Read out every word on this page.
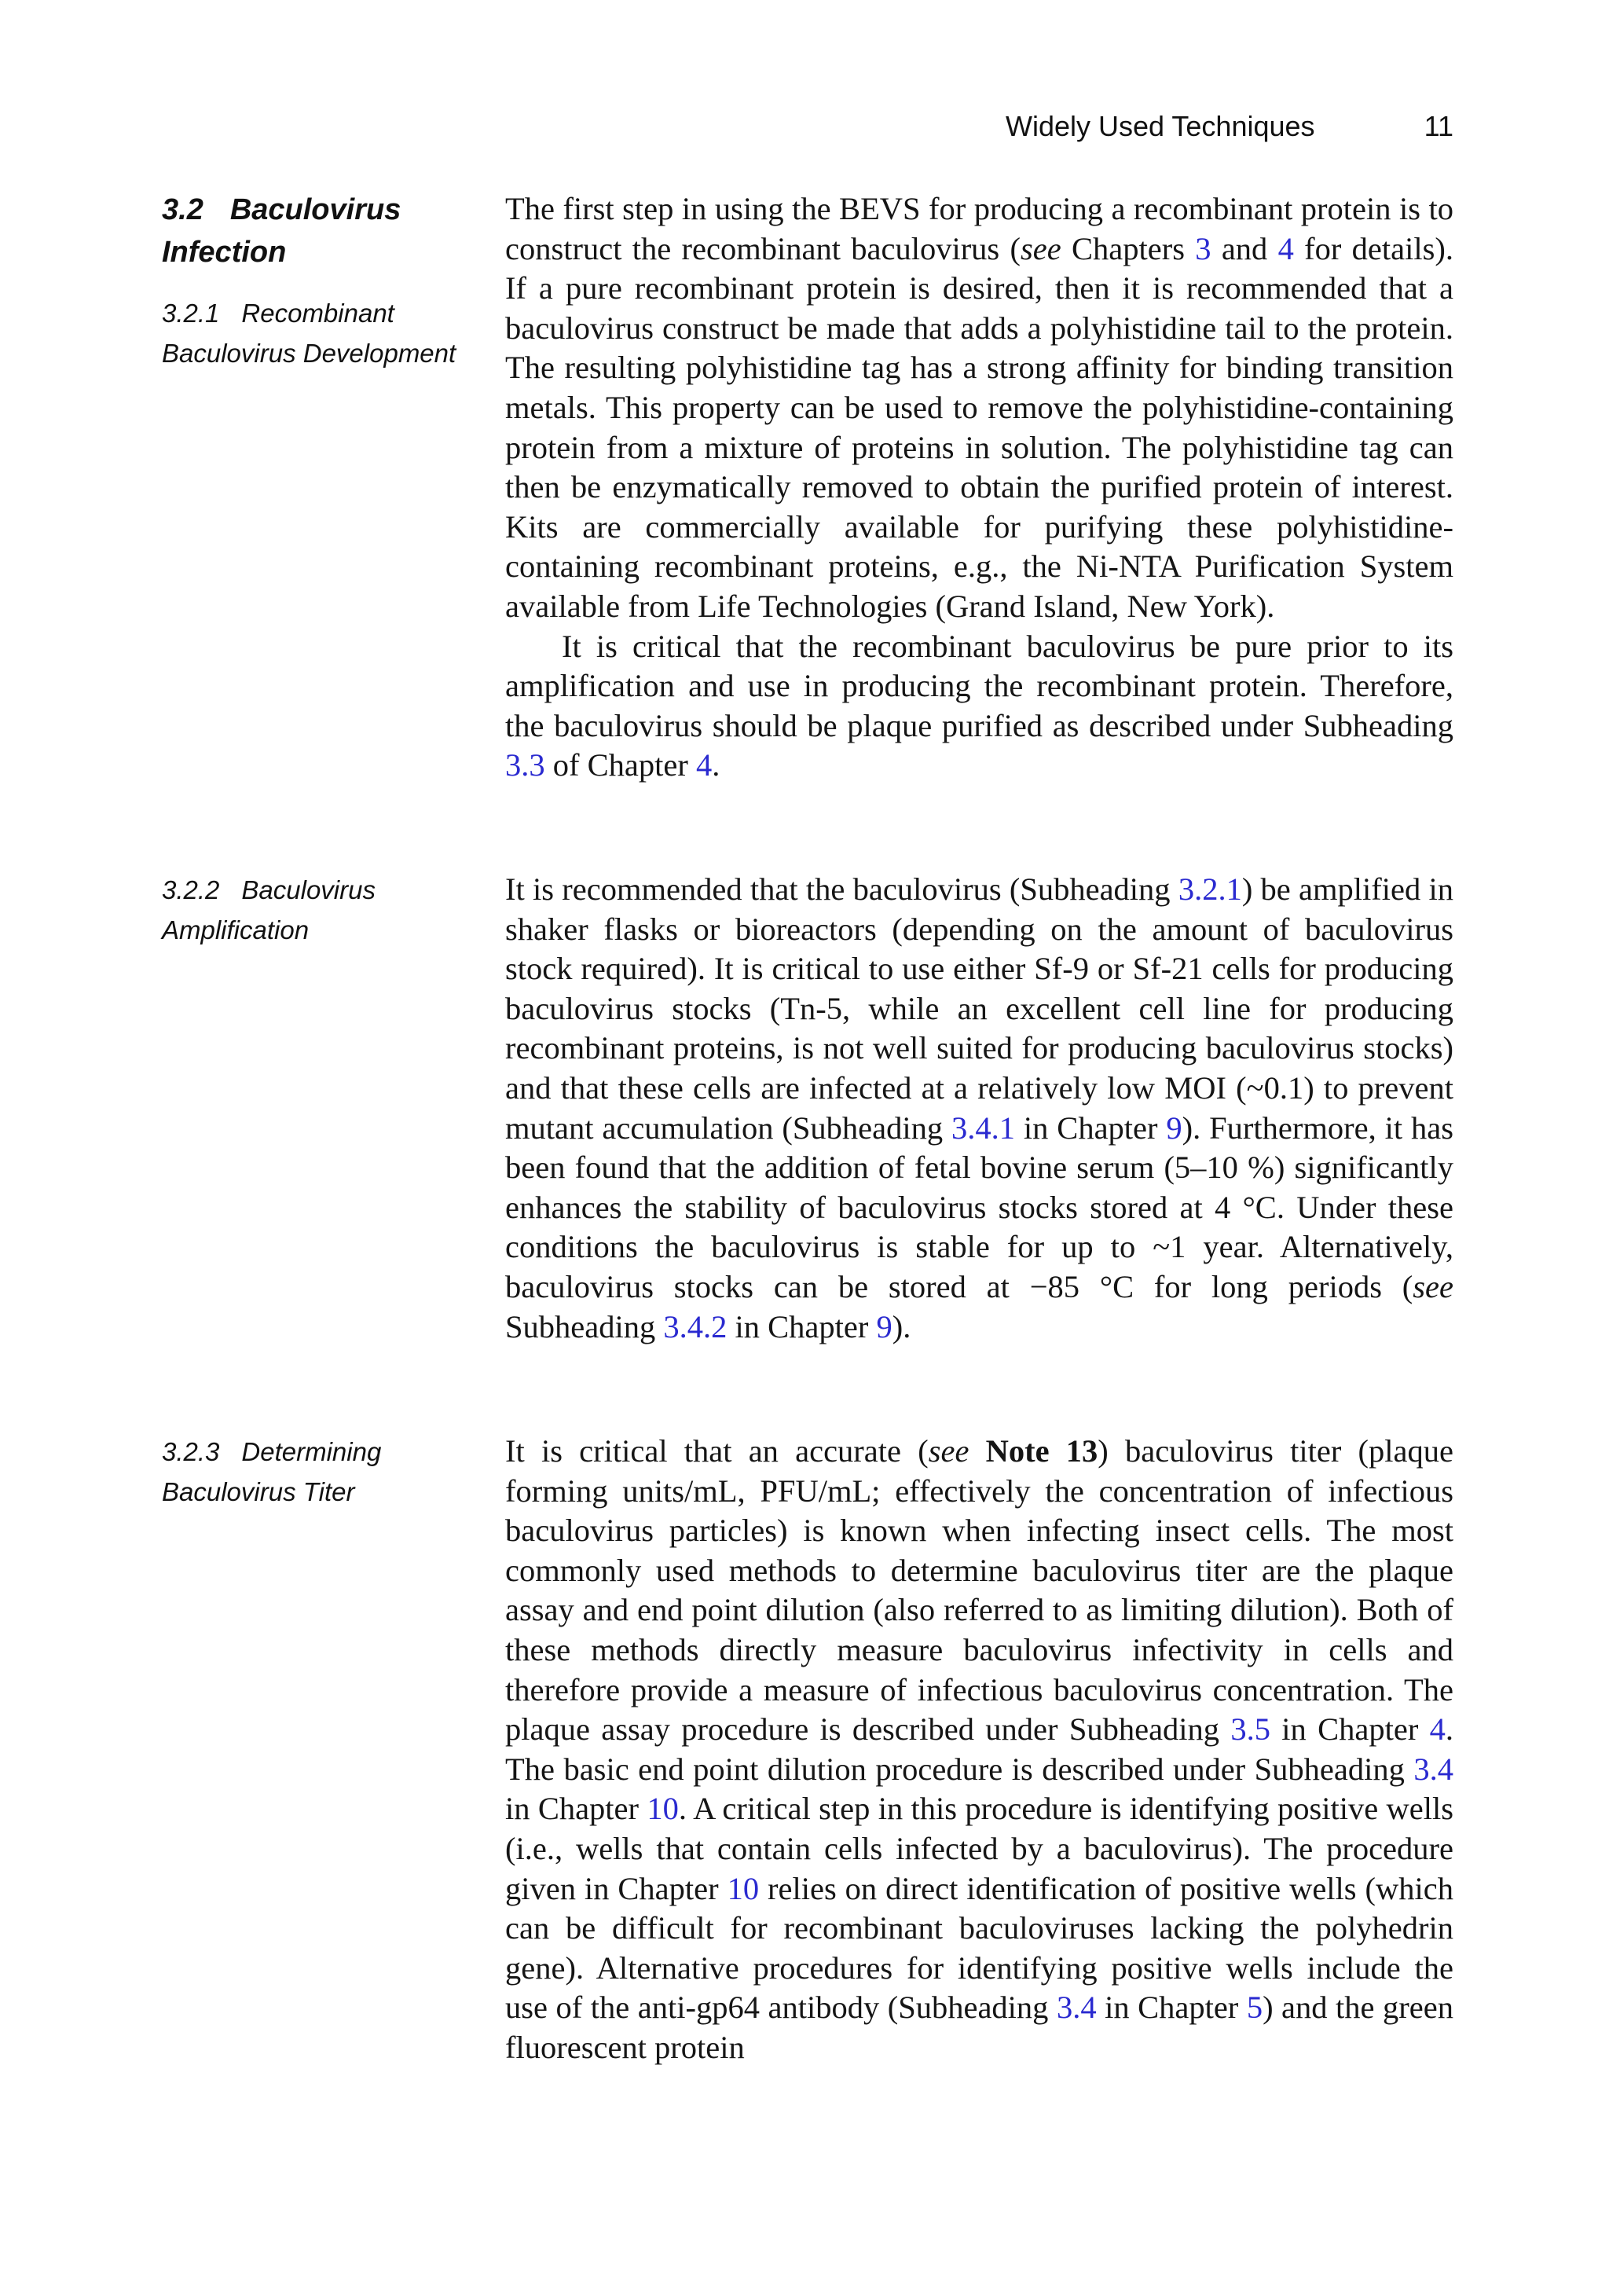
Widely Used Techniques	11
3.2 Baculovirus
Infection
3.2.1 Recombinant
Baculovirus Development
3.2.2 Baculovirus
Amplification
3.2.3 Determining
Baculovirus Titer

The first step in using the BEVS for producing a recombinant protein is to construct the recombinant baculovirus (see Chapters 3 and 4 for details). If a pure recombinant protein is desired, then it is recommended that a baculovirus construct be made that adds a polyhistidine tail to the protein. The resulting polyhistidine tag has a strong affinity for binding transition metals. This property can be used to remove the polyhistidine-containing protein from a mixture of proteins in solution. The polyhistidine tag can then be enzymatically removed to obtain the purified protein of interest. Kits are commercially available for purifying these polyhistidine-containing recombinant proteins, e.g., the Ni-NTA Purification System available from Life Technologies (Grand Island, New York).

It is critical that the recombinant baculovirus be pure prior to its amplification and use in producing the recombinant protein. Therefore, the baculovirus should be plaque purified as described under Subheading 3.3 of Chapter 4.

It is recommended that the baculovirus (Subheading 3.2.1) be amplified in shaker flasks or bioreactors (depending on the amount of baculovirus stock required). It is critical to use either Sf-9 or Sf-21 cells for producing baculovirus stocks (Tn-5, while an excellent cell line for producing recombinant proteins, is not well suited for producing baculovirus stocks) and that these cells are infected at a relatively low MOI (~0.1) to prevent mutant accumulation (Subheading 3.4.1 in Chapter 9). Furthermore, it has been found that the addition of fetal bovine serum (5–10 %) significantly enhances the stability of baculovirus stocks stored at 4 °C. Under these conditions the baculovirus is stable for up to ~1 year. Alternatively, baculovirus stocks can be stored at −85 °C for long periods (see Subheading 3.4.2 in Chapter 9).

It is critical that an accurate (see Note 13) baculovirus titer (plaque forming units/mL, PFU/mL; effectively the concentration of infectious baculovirus particles) is known when infecting insect cells. The most commonly used methods to determine baculovirus titer are the plaque assay and end point dilution (also referred to as limiting dilution). Both of these methods directly measure baculovirus infectivity in cells and therefore provide a measure of infectious baculovirus concentration. The plaque assay procedure is described under Subheading 3.5 in Chapter 4. The basic end point dilution procedure is described under Subheading 3.4 in Chapter 10. A critical step in this procedure is identifying positive wells (i.e., wells that contain cells infected by a baculovirus). The procedure given in Chapter 10 relies on direct identification of positive wells (which can be difficult for recombinant baculoviruses lacking the polyhedrin gene). Alternative procedures for identifying positive wells include the use of the anti-gp64 antibody (Subheading 3.4 in Chapter 5) and the green fluorescent protein
